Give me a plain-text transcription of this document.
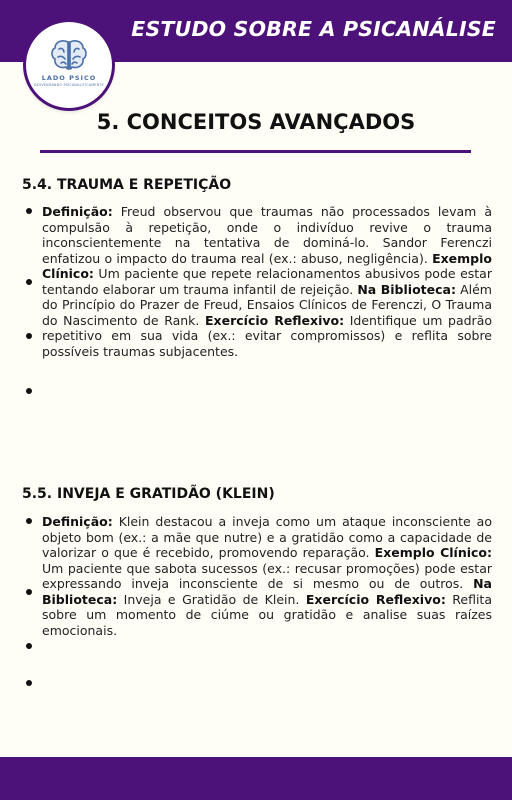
ESTUDO SOBRE A PSICANÁLISE
LADO PSICO
DESVENDANDO PSICANALITICAMENTE
5. CONCEITOS AVANÇADOS
5.4. TRAUMA E REPETIÇÃO
Definição: Freud observou que traumas não processados levam à compulsão à repetição, onde o indivíduo revive o trauma inconscientemente na tentativa de dominá-lo. Sandor Ferenczi enfatizou o impacto do trauma real (ex.: abuso, negligência). Exemplo Clínico: Um paciente que repete relacionamentos abusivos pode estar tentando elaborar um trauma infantil de rejeição. Na Biblioteca: Além do Princípio do Prazer de Freud, Ensaios Clínicos de Ferenczi, O Trauma do Nascimento de Rank. Exercício Reflexivo: Identifique um padrão repetitivo em sua vida (ex.: evitar compromissos) e reflita sobre possíveis traumas subjacentes.
5.5. INVEJA E GRATIDÃO (KLEIN)
Definição: Klein destacou a inveja como um ataque inconsciente ao objeto bom (ex.: a mãe que nutre) e a gratidão como a capacidade de valorizar o que é recebido, promovendo reparação. Exemplo Clínico: Um paciente que sabota sucessos (ex.: recusar promoções) pode estar expressando inveja inconsciente de si mesmo ou de outros. Na Biblioteca: Inveja e Gratidão de Klein. Exercício Reflexivo: Reflita sobre um momento de ciúme ou gratidão e analise suas raízes emocionais.
